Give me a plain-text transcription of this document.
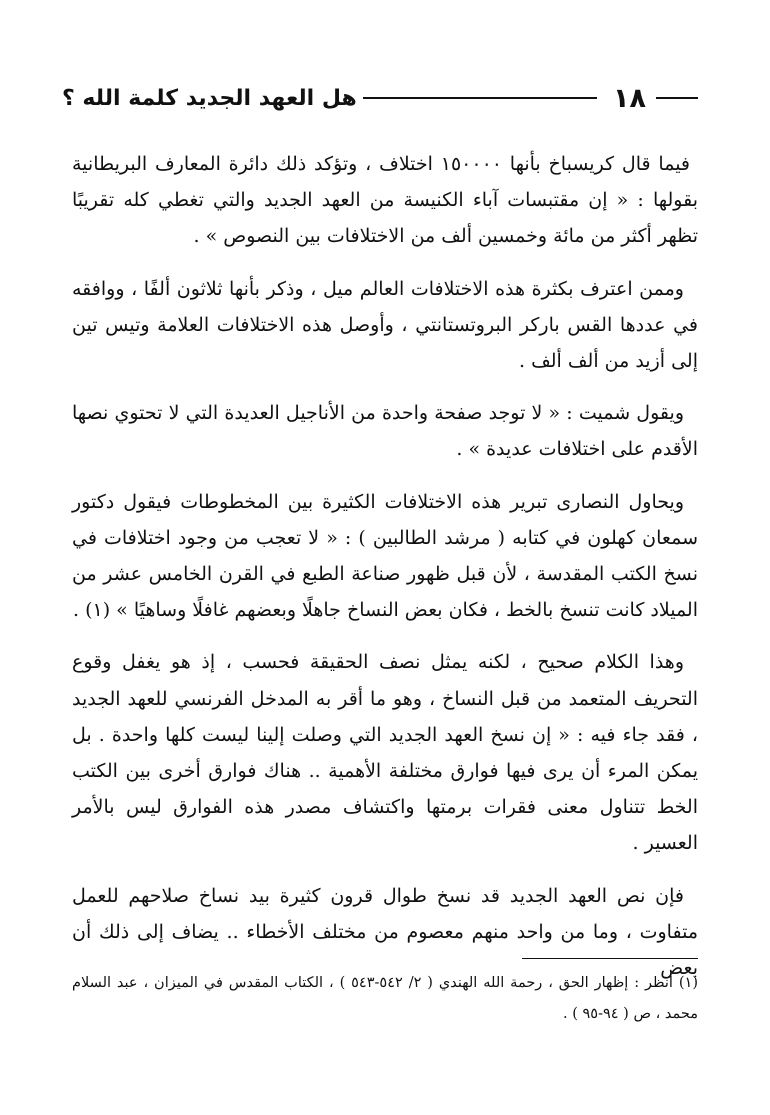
١٨
هل العهد الجديد كلمة الله ؟

فيما قال كريسباخ بأنها ١٥٠٠٠٠ اختلاف ، وتؤكد ذلك دائرة المعارف البريطانية بقولها : « إن مقتبسات آباء الكنيسة من العهد الجديد والتي تغطي كله تقريبًا تظهر أكثر من مائة وخمسين ألف من الاختلافات بين النصوص » .

وممن اعترف بكثرة هذه الاختلافات العالم ميل ، وذكر بأنها ثلاثون ألفًا ، ووافقه في عددها القس باركر البروتستانتي ، وأوصل هذه الاختلافات العلامة وتيس تين إلى أزيد من ألف ألف .

ويقول شميت : « لا توجد صفحة واحدة من الأناجيل العديدة التي لا تحتوي نصها الأقدم على اختلافات عديدة » .

ويحاول النصارى تبرير هذه الاختلافات الكثيرة بين المخطوطات فيقول دكتور سمعان كهلون في كتابه ( مرشد الطالبين ) : « لا تعجب من وجود اختلافات في نسخ الكتب المقدسة ، لأن قبل ظهور صناعة الطبع في القرن الخامس عشر من الميلاد كانت تنسخ بالخط ، فكان بعض النساخ جاهلًا وبعضهم غافلًا وساهيًا » (١) .

وهذا الكلام صحيح ، لكنه يمثل نصف الحقيقة فحسب ، إذ هو يغفل وقوع التحريف المتعمد من قبل النساخ ، وهو ما أقر به المدخل الفرنسي للعهد الجديد ، فقد جاء فيه : « إن نسخ العهد الجديد التي وصلت إلينا ليست كلها واحدة . بل يمكن المرء أن يرى فيها فوارق مختلفة الأهمية .. هناك فوارق أخرى بين الكتب الخط تتناول معنى فقرات برمتها واكتشاف مصدر هذه الفوارق ليس بالأمر العسير .

فإن نص العهد الجديد قد نسخ طوال قرون كثيرة بيد نساخ صلاحهم للعمل متفاوت ، وما من واحد منهم معصوم من مختلف الأخطاء .. يضاف إلى ذلك أن بعض

(١) انظر : إظهار الحق ، رحمة الله الهندي ( ٢/ ٥٤٢-٥٤٣ ) ، الكتاب المقدس في الميزان ، عبد السلام محمد ، ص ( ٩٤-٩٥ ) .
